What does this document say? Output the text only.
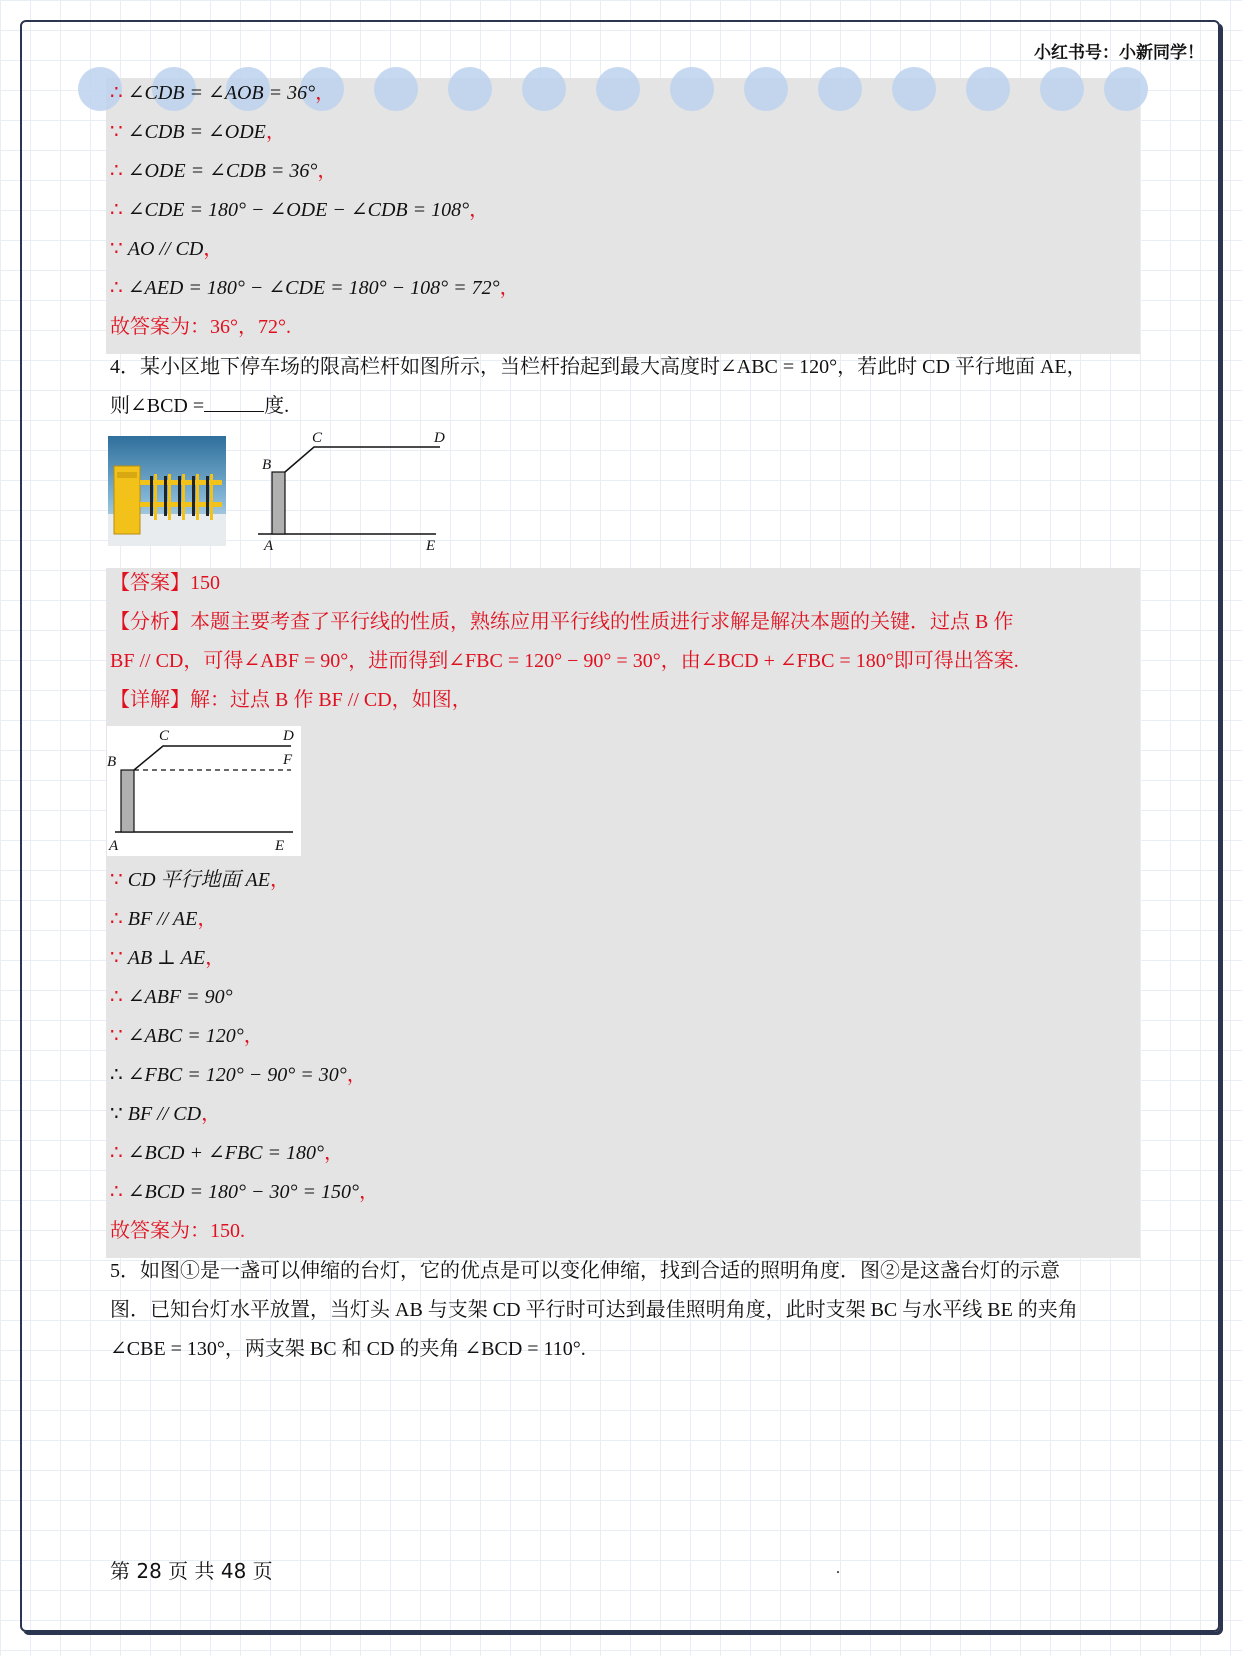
小红书号：小新同学！
∴ ∠CDB = ∠AOB = 36°，
∵ ∠CDB = ∠ODE，
∴ ∠ODE = ∠CDB = 36°，
∴ ∠CDE = 180° − ∠ODE − ∠CDB = 108°，
∵ AO // CD，
∴ ∠AED = 180° − ∠CDE = 180° − 108° = 72°，
故答案为：36°，72°.
4．某小区地下停车场的限高栏杆如图所示，当栏杆抬起到最大高度时∠ABC = 120°，若此时 CD 平行地面 AE，
则∠BCD =	度.
B
C	D
A	E
【答案】150
【分析】本题主要考查了平行线的性质，熟练应用平行线的性质进行求解是解决本题的关键．过点 B 作
BF // CD，可得∠ABF = 90°，进而得到∠FBC = 120° − 90° = 30°，由∠BCD + ∠FBC = 180°即可得出答案.
【详解】解：过点 B 作 BF // CD，如图，
B
C	D
F
A	E
∵ CD 平行地面 AE，
∴ BF // AE，
∵ AB ⊥ AE，
∴ ∠ABF = 90°
∵ ∠ABC = 120°，
∴ ∠FBC = 120° − 90° = 30°，
∵ BF // CD，
∴ ∠BCD + ∠FBC = 180°，
∴ ∠BCD = 180° − 30° = 150°，
故答案为：150.
5．如图①是一盏可以伸缩的台灯，它的优点是可以变化伸缩，找到合适的照明角度．图②是这盏台灯的示意
图．已知台灯水平放置，当灯头 AB 与支架 CD 平行时可达到最佳照明角度，此时支架 BC 与水平线 BE 的夹角
∠CBE = 130°，两支架 BC 和 CD 的夹角 ∠BCD = 110°.
第 28 页 共 48 页	.
